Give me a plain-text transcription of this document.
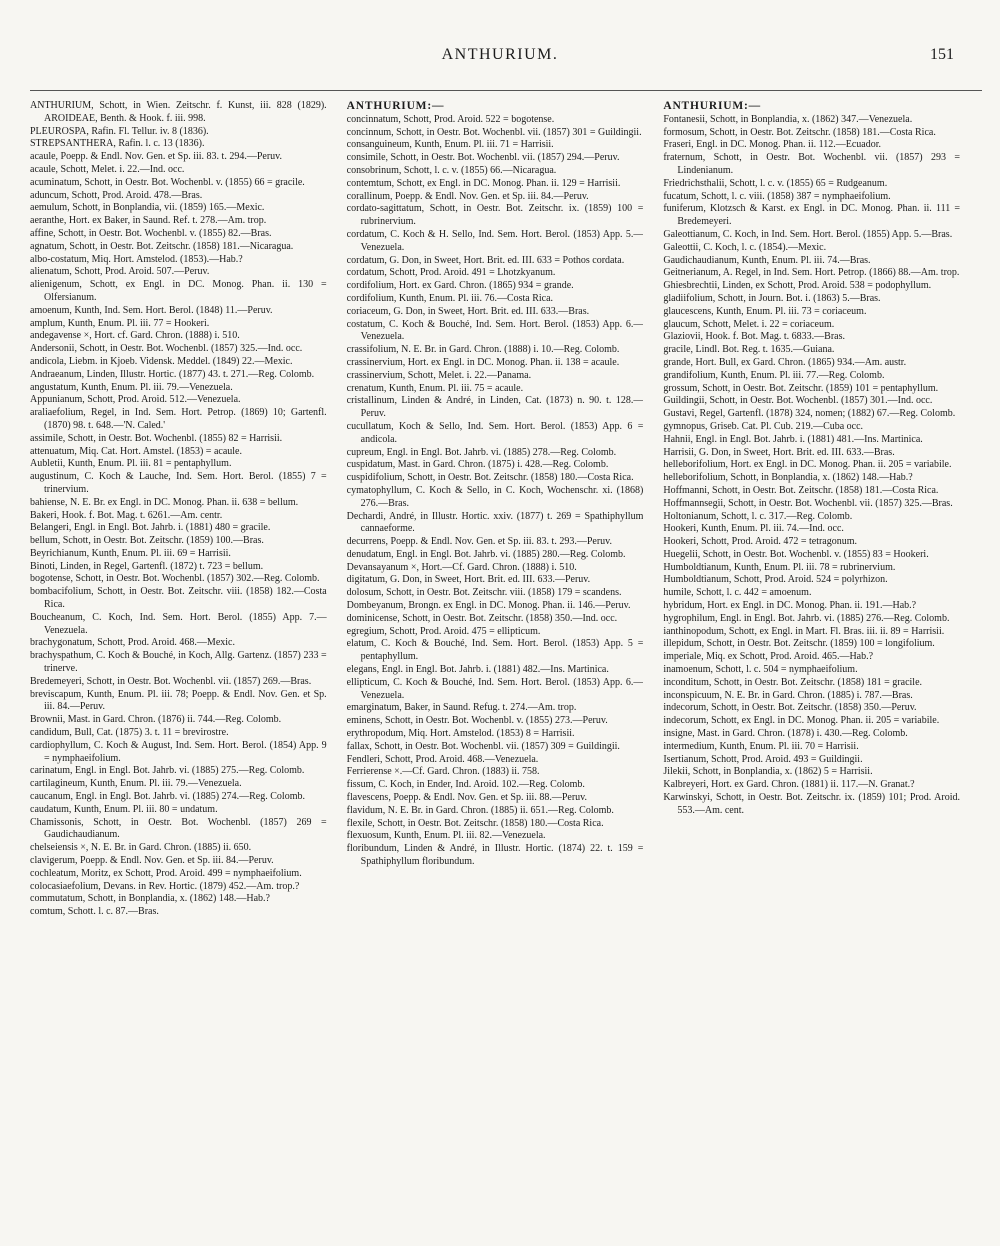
ANTHURIUM.	151
ANTHURIUM, Schott, in Wien. Zeitschr. f. Kunst, iii. 828 (1829). AROIDEAE, Benth. & Hook. f. iii. 998.
PLEUROSPA, Rafin. Fl. Tellur. iv. 8 (1836).
STREPSANTHERA, Rafin. l. c. 13 (1836).
acaule, Poepp. & Endl. Nov. Gen. et Sp. iii. 83. t. 294.—Peruv.
acaule, Schott, Melet. i. 22.—Ind. occ.
acuminatum, Schott, in Oestr. Bot. Wochenbl. v. (1855) 66 = gracile.
aduncum, Schott, Prod. Aroid. 478.—Bras.
aemulum, Schott, in Bonplandia, vii. (1859) 165.—Mexic.
aeranthe, Hort. ex Baker, in Saund. Ref. t. 278.—Am. trop.
affine, Schott, in Oestr. Bot. Wochenbl. v. (1855) 82.—Bras.
agnatum, Schott, in Oestr. Bot. Zeitschr. (1858) 181.—Nicaragua.
albo-costatum, Miq. Hort. Amstelod. (1853).—Hab.?
alienatum, Schott, Prod. Aroid. 507.—Peruv.
alienigenum, Schott, ex Engl. in DC. Monog. Phan. ii. 130 = Olfersianum.
amoenum, Kunth, Ind. Sem. Hort. Berol. (1848) 11.—Peruv.
amplum, Kunth, Enum. Pl. iii. 77 = Hookeri.
andegavense ×, Hort. cf. Gard. Chron. (1888) i. 510.
Andersonii, Schott, in Oestr. Bot. Wochenbl. (1857) 325.—Ind. occ.
andicola, Liebm. in Kjoeb. Vidensk. Meddel. (1849) 22.—Mexic.
Andraeanum, Linden, Illustr. Hortic. (1877) 43. t. 271.—Reg. Colomb.
angustatum, Kunth, Enum. Pl. iii. 79.—Venezuela.
Appunianum, Schott, Prod. Aroid. 512.—Venezuela.
araliaefolium, Regel, in Ind. Sem. Hort. Petrop. (1869) 10; Gartenfl. (1870) 98. t. 648.—'N. Caled.'
assimile, Schott, in Oestr. Bot. Wochenbl. (1855) 82 = Harrisii.
attenuatum, Miq. Cat. Hort. Amstel. (1853) = acaule.
Aubletii, Kunth, Enum. Pl. iii. 81 = pentaphyllum.
augustinum, C. Koch & Lauche, Ind. Sem. Hort. Berol. (1855) 7 = trinervium.
bahiense, N. E. Br. ex Engl. in DC. Monog. Phan. ii. 638 = bellum.
Bakeri, Hook. f. Bot. Mag. t. 6261.—Am. centr.
Belangeri, Engl. in Engl. Bot. Jahrb. i. (1881) 480 = gracile.
bellum, Schott, in Oestr. Bot. Zeitschr. (1859) 100.—Bras.
Beyrichianum, Kunth, Enum. Pl. iii. 69 = Harrisii.
Binoti, Linden, in Regel, Gartenfl. (1872) t. 723 = bellum.
bogotense, Schott, in Oestr. Bot. Wochenbl. (1857) 302.—Reg. Colomb.
bombacifolium, Schott, in Oestr. Bot. Zeitschr. viii. (1858) 182.—Costa Rica.
Boucheanum, C. Koch, Ind. Sem. Hort. Berol. (1855) App. 7.—Venezuela.
brachygonatum, Schott, Prod. Aroid. 468.—Mexic.
brachyspathum, C. Koch & Bouché, in Koch, Allg. Gartenz. (1857) 233 = trinerve.
Bredemeyeri, Schott, in Oestr. Bot. Wochenbl. vii. (1857) 269.—Bras.
breviscapum, Kunth, Enum. Pl. iii. 78; Poepp. & Endl. Nov. Gen. et Sp. iii. 84.—Peruv.
Brownii, Mast. in Gard. Chron. (1876) ii. 744.—Reg. Colomb.
candidum, Bull, Cat. (1875) 3. t. 11 = brevirostre.
cardiophyllum, C. Koch & August, Ind. Sem. Hort. Berol. (1854) App. 9 = nymphaeifolium.
carinatum, Engl. in Engl. Bot. Jahrb. vi. (1885) 275.—Reg. Colomb.
cartilagineum, Kunth, Enum. Pl. iii. 79.—Venezuela.
caucanum, Engl. in Engl. Bot. Jahrb. vi. (1885) 274.—Reg. Colomb.
caudatum, Kunth, Enum. Pl. iii. 80 = undatum.
Chamissonis, Schott, in Oestr. Bot. Wochenbl. (1857) 269 = Gaudichaudianum.
chelseiensis ×, N. E. Br. in Gard. Chron. (1885) ii. 650.
clavigerum, Poepp. & Endl. Nov. Gen. et Sp. iii. 84.—Peruv.
cochleatum, Moritz, ex Schott, Prod. Aroid. 499 = nymphaeifolium.
colocasiaefolium, Devans. in Rev. Hortic. (1879) 452.—Am. trop.?
commutatum, Schott, in Bonplandia, x. (1862) 148.—Hab.?
comtum, Schott. l. c. 87.—Bras.
ANTHURIUM:—
concinnatum, Schott, Prod. Aroid. 522 = bogotense.
concinnum, Schott, in Oestr. Bot. Wochenbl. vii. (1857) 301 = Guildingii.
consanguineum, Kunth, Enum. Pl. iii. 71 = Harrisii.
consimile, Schott, in Oestr. Bot. Wochenbl. vii. (1857) 294.—Peruv.
consobrinum, Schott, l. c. v. (1855) 66.—Nicaragua.
contemtum, Schott, ex Engl. in DC. Monog. Phan. ii. 129 = Harrisii.
corallinum, Poepp. & Endl. Nov. Gen. et Sp. iii. 84.—Peruv.
cordato-sagittatum, Schott, in Oestr. Bot. Zeitschr. ix. (1859) 100 = rubrinervium.
cordatum, C. Koch & H. Sello, Ind. Sem. Hort. Berol. (1853) App. 5.—Venezuela.
cordatum, G. Don, in Sweet, Hort. Brit. ed. III. 633 = Pothos cordata.
cordatum, Schott, Prod. Aroid. 491 = Lhotzkyanum.
cordifolium, Hort. ex Gard. Chron. (1865) 934 = grande.
cordifolium, Kunth, Enum. Pl. iii. 76.—Costa Rica.
coriaceum, G. Don, in Sweet, Hort. Brit. ed. III. 633.—Bras.
costatum, C. Koch & Bouché, Ind. Sem. Hort. Berol. (1853) App. 6.—Venezuela.
crassifolium, N. E. Br. in Gard. Chron. (1888) i. 10.—Reg. Colomb.
crassinervium, Hort. ex Engl. in DC. Monog. Phan. ii. 138 = acaule.
crassinervium, Schott, Melet. i. 22.—Panama.
crenatum, Kunth, Enum. Pl. iii. 75 = acaule.
cristallinum, Linden & André, in Linden, Cat. (1873) n. 90. t. 128.—Peruv.
cucullatum, Koch & Sello, Ind. Sem. Hort. Berol. (1853) App. 6 = andicola.
cupreum, Engl. in Engl. Bot. Jahrb. vi. (1885) 278.—Reg. Colomb.
cuspidatum, Mast. in Gard. Chron. (1875) i. 428.—Reg. Colomb.
cuspidifolium, Schott, in Oestr. Bot. Zeitschr. (1858) 180.—Costa Rica.
cymatophyllum, C. Koch & Sello, in C. Koch, Wochenschr. xi. (1868) 276.—Bras.
Dechardi, André, in Illustr. Hortic. xxiv. (1877) t. 269 = Spathiphyllum cannaeforme.
decurrens, Poepp. & Endl. Nov. Gen. et Sp. iii. 83. t. 293.—Peruv.
denudatum, Engl. in Engl. Bot. Jahrb. vi. (1885) 280.—Reg. Colomb.
Devansayanum ×, Hort.—Cf. Gard. Chron. (1888) i. 510.
digitatum, G. Don, in Sweet, Hort. Brit. ed. III. 633.—Peruv.
dolosum, Schott, in Oestr. Bot. Zeitschr. viii. (1858) 179 = scandens.
Dombeyanum, Brongn. ex Engl. in DC. Monog. Phan. ii. 146.—Peruv.
dominicense, Schott, in Oestr. Bot. Zeitschr. (1858) 350.—Ind. occ.
egregium, Schott, Prod. Aroid. 475 = ellipticum.
elatum, C. Koch & Bouché, Ind. Sem. Hort. Berol. (1853) App. 5 = pentaphyllum.
elegans, Engl. in Engl. Bot. Jahrb. i. (1881) 482.—Ins. Martinica.
ellipticum, C. Koch & Bouché, Ind. Sem. Hort. Berol. (1853) App. 6.—Venezuela.
emarginatum, Baker, in Saund. Refug. t. 274.—Am. trop.
eminens, Schott, in Oestr. Bot. Wochenbl. v. (1855) 273.—Peruv.
erythropodum, Miq. Hort. Amstelod. (1853) 8 = Harrisii.
fallax, Schott, in Oestr. Bot. Wochenbl. vii. (1857) 309 = Guildingii.
Fendleri, Schott, Prod. Aroid. 468.—Venezuela.
Ferrierense ×.—Cf. Gard. Chron. (1883) ii. 758.
fissum, C. Koch, in Ender, Ind. Aroid. 102.—Reg. Colomb.
flavescens, Poepp. & Endl. Nov. Gen. et Sp. iii. 88.—Peruv.
flavidum, N. E. Br. in Gard. Chron. (1885) ii. 651.—Reg. Colomb.
flexile, Schott, in Oestr. Bot. Zeitschr. (1858) 180.—Costa Rica.
flexuosum, Kunth, Enum. Pl. iii. 82.—Venezuela.
floribundum, Linden & André, in Illustr. Hortic. (1874) 22. t. 159 = Spathiphyllum floribundum.
ANTHURIUM:—
Fontanesii, Schott, in Bonplandia, x. (1862) 347.—Venezuela.
formosum, Schott, in Oestr. Bot. Zeitschr. (1858) 181.—Costa Rica.
Fraseri, Engl. in DC. Monog. Phan. ii. 112.—Ecuador.
fraternum, Schott, in Oestr. Bot. Wochenbl. vii. (1857) 293 = Lindenianum.
Friedrichsthalii, Schott, l. c. v. (1855) 65 = Rudgeanum.
fucatum, Schott, l. c. viii. (1858) 387 = nymphaeifolium.
funiferum, Klotzsch & Karst. ex Engl. in DC. Monog. Phan. ii. 111 = Bredemeyeri.
Galeottianum, C. Koch, in Ind. Sem. Hort. Berol. (1855) App. 5.—Bras.
Galeottii, C. Koch, l. c. (1854).—Mexic.
Gaudichaudianum, Kunth, Enum. Pl. iii. 74.—Bras.
Geitnerianum, A. Regel, in Ind. Sem. Hort. Petrop. (1866) 88.—Am. trop.
Ghiesbrechtii, Linden, ex Schott, Prod. Aroid. 538 = podophyllum.
gladiifolium, Schott, in Journ. Bot. i. (1863) 5.—Bras.
glaucescens, Kunth, Enum. Pl. iii. 73 = coriaceum.
glaucum, Schott, Melet. i. 22 = coriaceum.
Glaziovii, Hook. f. Bot. Mag. t. 6833.—Bras.
gracile, Lindl. Bot. Reg. t. 1635.—Guiana.
grande, Hort. Bull, ex Gard. Chron. (1865) 934.—Am. austr.
grandifolium, Kunth, Enum. Pl. iii. 77.—Reg. Colomb.
grossum, Schott, in Oestr. Bot. Zeitschr. (1859) 101 = pentaphyllum.
Guildingii, Schott, in Oestr. Bot. Wochenbl. (1857) 301.—Ind. occ.
Gustavi, Regel, Gartenfl. (1878) 324, nomen; (1882) 67.—Reg. Colomb.
gymnopus, Griseb. Cat. Pl. Cub. 219.—Cuba occ.
Hahnii, Engl. in Engl. Bot. Jahrb. i. (1881) 481.—Ins. Martinica.
Harrisii, G. Don, in Sweet, Hort. Brit. ed. III. 633.—Bras.
helleborifolium, Hort. ex Engl. in DC. Monog. Phan. ii. 205 = variabile.
helleborifolium, Schott, in Bonplandia, x. (1862) 148.—Hab.?
Hoffmanni, Schott, in Oestr. Bot. Zeitschr. (1858) 181.—Costa Rica.
Hoffmannsegii, Schott, in Oestr. Bot. Wochenbl. vii. (1857) 325.—Bras.
Holtonianum, Schott, l. c. 317.—Reg. Colomb.
Hookeri, Kunth, Enum. Pl. iii. 74.—Ind. occ.
Hookeri, Schott, Prod. Aroid. 472 = tetragonum.
Huegelii, Schott, in Oestr. Bot. Wochenbl. v. (1855) 83 = Hookeri.
Humboldtianum, Kunth, Enum. Pl. iii. 78 = rubrinervium.
Humboldtianum, Schott, Prod. Aroid. 524 = polyrhizon.
humile, Schott, l. c. 442 = amoenum.
hybridum, Hort. ex Engl. in DC. Monog. Phan. ii. 191.—Hab.?
hygrophilum, Engl. in Engl. Bot. Jahrb. vi. (1885) 276.—Reg. Colomb.
ianthinopodum, Schott, ex Engl. in Mart. Fl. Bras. iii. ii. 89 = Harrisii.
illepidum, Schott, in Oestr. Bot. Zeitschr. (1859) 100 = longifolium.
imperiale, Miq. ex Schott, Prod. Aroid. 465.—Hab.?
inamoenum, Schott, l. c. 504 = nymphaeifolium.
inconditum, Schott, in Oestr. Bot. Zeitschr. (1858) 181 = gracile.
inconspicuum, N. E. Br. in Gard. Chron. (1885) i. 787.—Bras.
indecorum, Schott, in Oestr. Bot. Zeitschr. (1858) 350.—Peruv.
indecorum, Schott, ex Engl. in DC. Monog. Phan. ii. 205 = variabile.
insigne, Mast. in Gard. Chron. (1878) i. 430.—Reg. Colomb.
intermedium, Kunth, Enum. Pl. iii. 70 = Harrisii.
Isertianum, Schott, Prod. Aroid. 493 = Guildingii.
Jilekii, Schott, in Bonplandia, x. (1862) 5 = Harrisii.
Kalbreyeri, Hort. ex Gard. Chron. (1881) ii. 117.—N. Granat.?
Karwinskyi, Schott, in Oestr. Bot. Zeitschr. ix. (1859) 101; Prod. Aroid. 553.—Am. cent.
